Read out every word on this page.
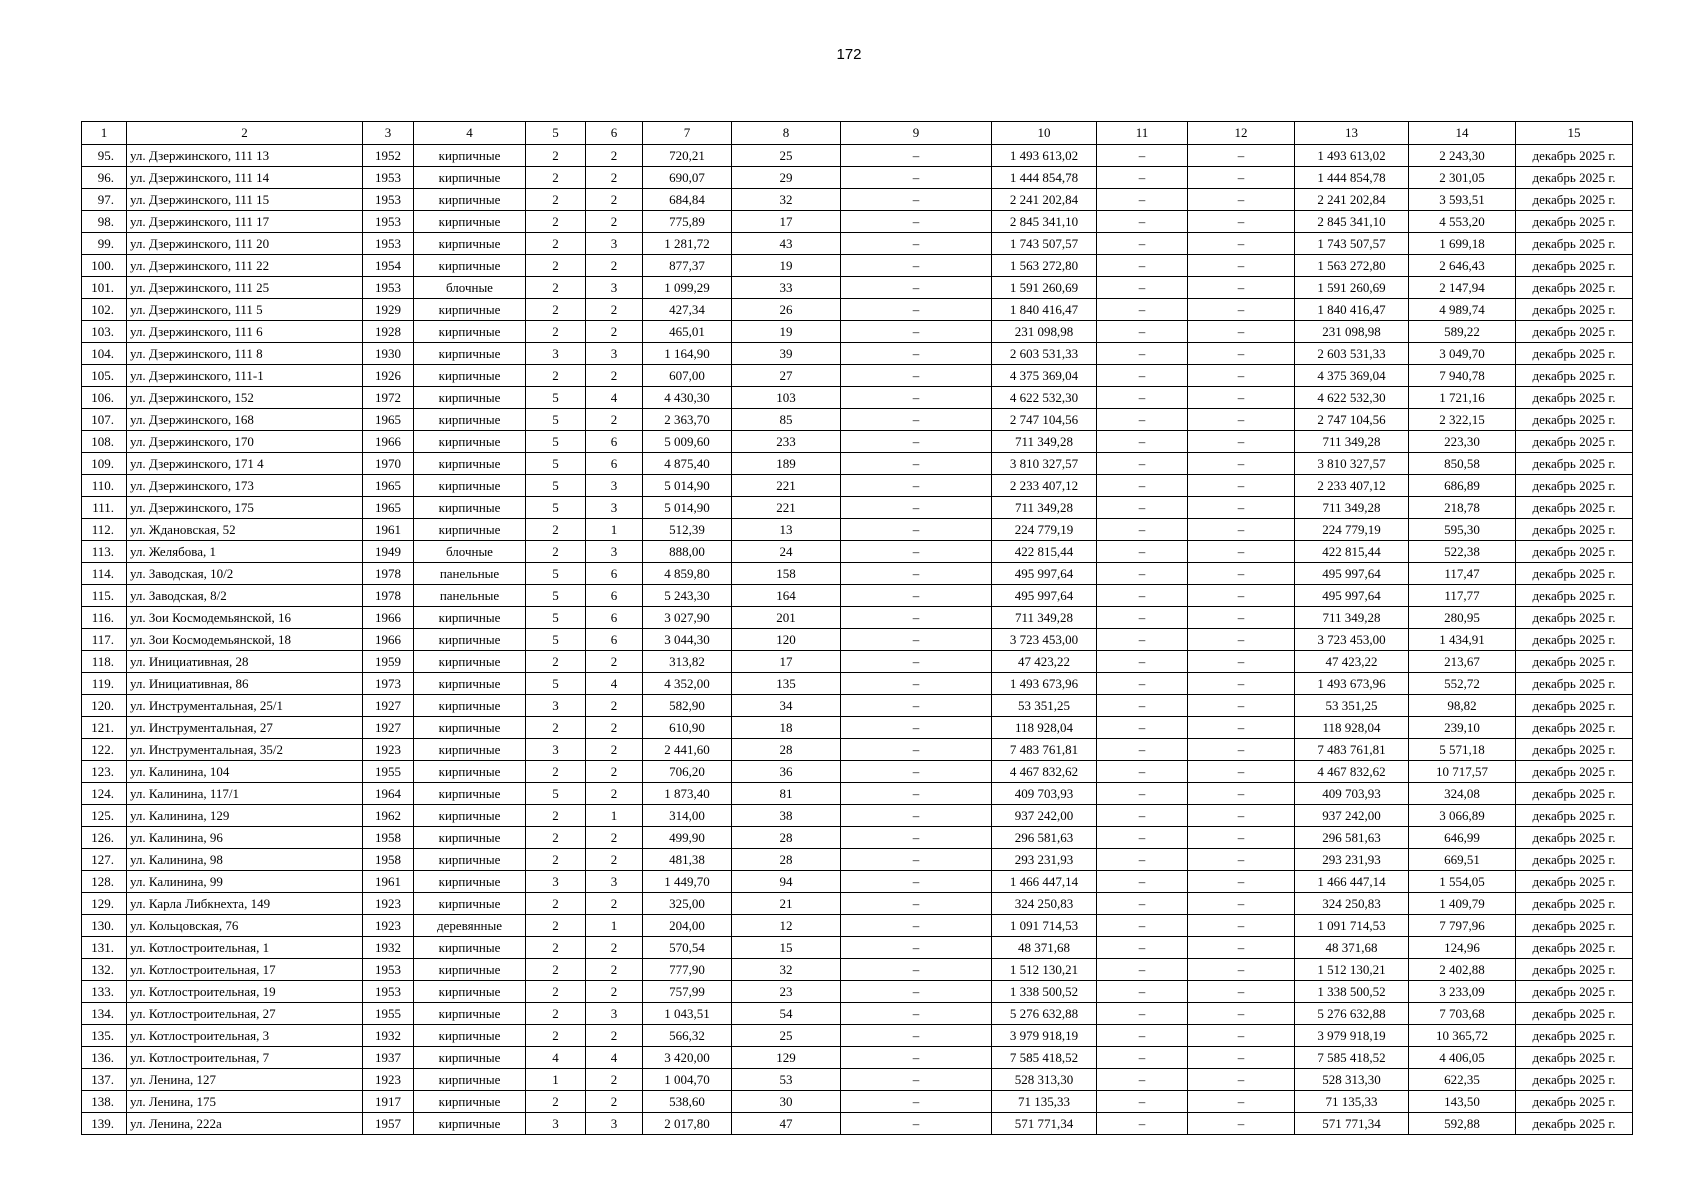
172
1	2	3	4	5	6	7	8	9	10	11	12	13	14	15
95.	ул. Дзержинского, 111 13	1952	кирпичные	2	2	720,21	25	–	1 493 613,02	–	–	1 493 613,02	2 243,30	декабрь 2025 г.
96.	ул. Дзержинского, 111 14	1953	кирпичные	2	2	690,07	29	–	1 444 854,78	–	–	1 444 854,78	2 301,05	декабрь 2025 г.
97.	ул. Дзержинского, 111 15	1953	кирпичные	2	2	684,84	32	–	2 241 202,84	–	–	2 241 202,84	3 593,51	декабрь 2025 г.
98.	ул. Дзержинского, 111 17	1953	кирпичные	2	2	775,89	17	–	2 845 341,10	–	–	2 845 341,10	4 553,20	декабрь 2025 г.
99.	ул. Дзержинского, 111 20	1953	кирпичные	2	3	1 281,72	43	–	1 743 507,57	–	–	1 743 507,57	1 699,18	декабрь 2025 г.
100.	ул. Дзержинского, 111 22	1954	кирпичные	2	2	877,37	19	–	1 563 272,80	–	–	1 563 272,80	2 646,43	декабрь 2025 г.
101.	ул. Дзержинского, 111 25	1953	блочные	2	3	1 099,29	33	–	1 591 260,69	–	–	1 591 260,69	2 147,94	декабрь 2025 г.
102.	ул. Дзержинского, 111 5	1929	кирпичные	2	2	427,34	26	–	1 840 416,47	–	–	1 840 416,47	4 989,74	декабрь 2025 г.
103.	ул. Дзержинского, 111 6	1928	кирпичные	2	2	465,01	19	–	231 098,98	–	–	231 098,98	589,22	декабрь 2025 г.
104.	ул. Дзержинского, 111 8	1930	кирпичные	3	3	1 164,90	39	–	2 603 531,33	–	–	2 603 531,33	3 049,70	декабрь 2025 г.
105.	ул. Дзержинского, 111-1	1926	кирпичные	2	2	607,00	27	–	4 375 369,04	–	–	4 375 369,04	7 940,78	декабрь 2025 г.
106.	ул. Дзержинского, 152	1972	кирпичные	5	4	4 430,30	103	–	4 622 532,30	–	–	4 622 532,30	1 721,16	декабрь 2025 г.
107.	ул. Дзержинского, 168	1965	кирпичные	5	2	2 363,70	85	–	2 747 104,56	–	–	2 747 104,56	2 322,15	декабрь 2025 г.
108.	ул. Дзержинского, 170	1966	кирпичные	5	6	5 009,60	233	–	711 349,28	–	–	711 349,28	223,30	декабрь 2025 г.
109.	ул. Дзержинского, 171 4	1970	кирпичные	5	6	4 875,40	189	–	3 810 327,57	–	–	3 810 327,57	850,58	декабрь 2025 г.
110.	ул. Дзержинского, 173	1965	кирпичные	5	3	5 014,90	221	–	2 233 407,12	–	–	2 233 407,12	686,89	декабрь 2025 г.
111.	ул. Дзержинского, 175	1965	кирпичные	5	3	5 014,90	221	–	711 349,28	–	–	711 349,28	218,78	декабрь 2025 г.
112.	ул. Ждановская, 52	1961	кирпичные	2	1	512,39	13	–	224 779,19	–	–	224 779,19	595,30	декабрь 2025 г.
113.	ул. Желябова, 1	1949	блочные	2	3	888,00	24	–	422 815,44	–	–	422 815,44	522,38	декабрь 2025 г.
114.	ул. Заводская, 10/2	1978	панельные	5	6	4 859,80	158	–	495 997,64	–	–	495 997,64	117,47	декабрь 2025 г.
115.	ул. Заводская, 8/2	1978	панельные	5	6	5 243,30	164	–	495 997,64	–	–	495 997,64	117,77	декабрь 2025 г.
116.	ул. Зои Космодемьянской, 16	1966	кирпичные	5	6	3 027,90	201	–	711 349,28	–	–	711 349,28	280,95	декабрь 2025 г.
117.	ул. Зои Космодемьянской, 18	1966	кирпичные	5	6	3 044,30	120	–	3 723 453,00	–	–	3 723 453,00	1 434,91	декабрь 2025 г.
118.	ул. Инициативная, 28	1959	кирпичные	2	2	313,82	17	–	47 423,22	–	–	47 423,22	213,67	декабрь 2025 г.
119.	ул. Инициативная, 86	1973	кирпичные	5	4	4 352,00	135	–	1 493 673,96	–	–	1 493 673,96	552,72	декабрь 2025 г.
120.	ул. Инструментальная, 25/1	1927	кирпичные	3	2	582,90	34	–	53 351,25	–	–	53 351,25	98,82	декабрь 2025 г.
121.	ул. Инструментальная, 27	1927	кирпичные	2	2	610,90	18	–	118 928,04	–	–	118 928,04	239,10	декабрь 2025 г.
122.	ул. Инструментальная, 35/2	1923	кирпичные	3	2	2 441,60	28	–	7 483 761,81	–	–	7 483 761,81	5 571,18	декабрь 2025 г.
123.	ул. Калинина, 104	1955	кирпичные	2	2	706,20	36	–	4 467 832,62	–	–	4 467 832,62	10 717,57	декабрь 2025 г.
124.	ул. Калинина, 117/1	1964	кирпичные	5	2	1 873,40	81	–	409 703,93	–	–	409 703,93	324,08	декабрь 2025 г.
125.	ул. Калинина, 129	1962	кирпичные	2	1	314,00	38	–	937 242,00	–	–	937 242,00	3 066,89	декабрь 2025 г.
126.	ул. Калинина, 96	1958	кирпичные	2	2	499,90	28	–	296 581,63	–	–	296 581,63	646,99	декабрь 2025 г.
127.	ул. Калинина, 98	1958	кирпичные	2	2	481,38	28	–	293 231,93	–	–	293 231,93	669,51	декабрь 2025 г.
128.	ул. Калинина, 99	1961	кирпичные	3	3	1 449,70	94	–	1 466 447,14	–	–	1 466 447,14	1 554,05	декабрь 2025 г.
129.	ул. Карла Либкнехта, 149	1923	кирпичные	2	2	325,00	21	–	324 250,83	–	–	324 250,83	1 409,79	декабрь 2025 г.
130.	ул. Кольцовская, 76	1923	деревянные	2	1	204,00	12	–	1 091 714,53	–	–	1 091 714,53	7 797,96	декабрь 2025 г.
131.	ул. Котлостроительная, 1	1932	кирпичные	2	2	570,54	15	–	48 371,68	–	–	48 371,68	124,96	декабрь 2025 г.
132.	ул. Котлостроительная, 17	1953	кирпичные	2	2	777,90	32	–	1 512 130,21	–	–	1 512 130,21	2 402,88	декабрь 2025 г.
133.	ул. Котлостроительная, 19	1953	кирпичные	2	2	757,99	23	–	1 338 500,52	–	–	1 338 500,52	3 233,09	декабрь 2025 г.
134.	ул. Котлостроительная, 27	1955	кирпичные	2	3	1 043,51	54	–	5 276 632,88	–	–	5 276 632,88	7 703,68	декабрь 2025 г.
135.	ул. Котлостроительная, 3	1932	кирпичные	2	2	566,32	25	–	3 979 918,19	–	–	3 979 918,19	10 365,72	декабрь 2025 г.
136.	ул. Котлостроительная, 7	1937	кирпичные	4	4	3 420,00	129	–	7 585 418,52	–	–	7 585 418,52	4 406,05	декабрь 2025 г.
137.	ул. Ленина, 127	1923	кирпичные	1	2	1 004,70	53	–	528 313,30	–	–	528 313,30	622,35	декабрь 2025 г.
138.	ул. Ленина, 175	1917	кирпичные	2	2	538,60	30	–	71 135,33	–	–	71 135,33	143,50	декабрь 2025 г.
139.	ул. Ленина, 222а	1957	кирпичные	3	3	2 017,80	47	–	571 771,34	–	–	571 771,34	592,88	декабрь 2025 г.
